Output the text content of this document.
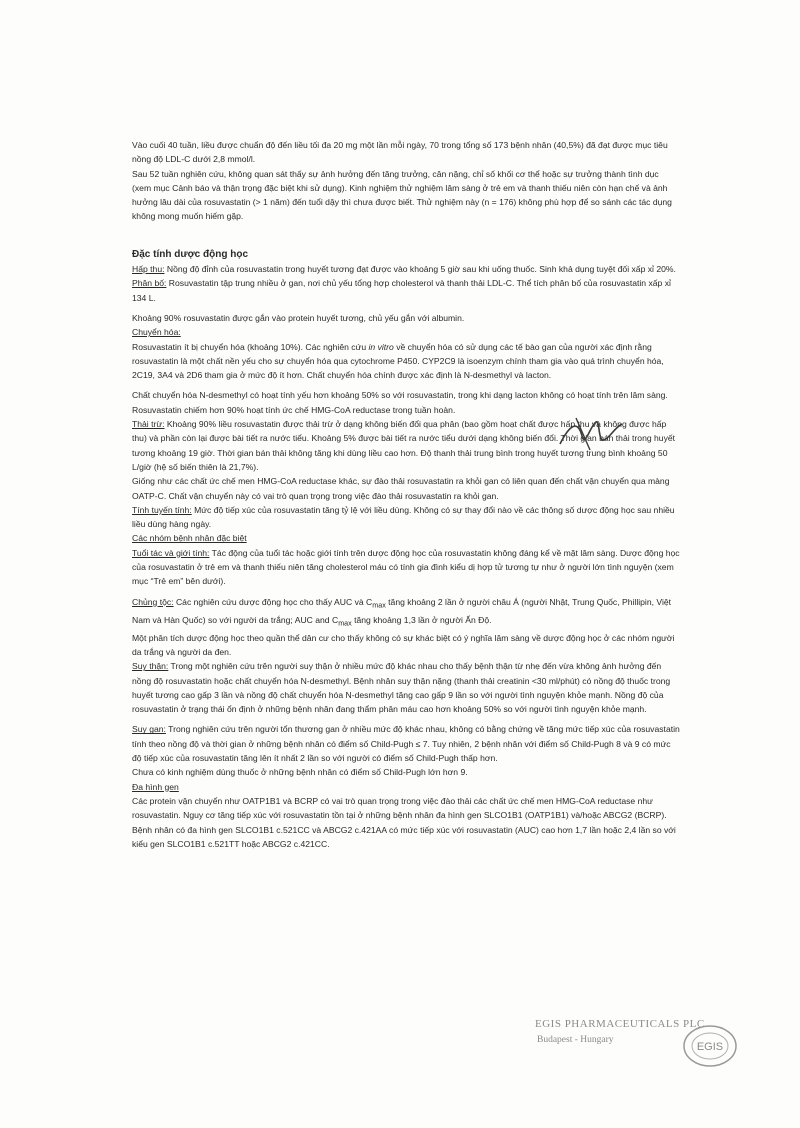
Vào cuối 40 tuần, liều được chuẩn độ đến liều tối đa 20 mg một lần mỗi ngày, 70 trong tổng số 173 bệnh nhân (40,5%) đã đạt được mục tiêu nồng độ LDL-C dưới 2,8 mmol/l.

Sau 52 tuần nghiên cứu, không quan sát thấy sự ảnh hưởng đến tăng trưởng, cân nặng, chỉ số khối cơ thể hoặc sự trưởng thành tình dục (xem mục Cảnh báo và thận trọng đặc biệt khi sử dụng). Kinh nghiệm thử nghiệm lâm sàng ở trẻ em và thanh thiếu niên còn hạn chế và ảnh hưởng lâu dài của rosuvastatin (> 1 năm) đến tuổi dậy thì chưa được biết. Thử nghiệm này (n = 176) không phù hợp để so sánh các tác dụng không mong muốn hiếm gặp.

Đặc tính dược động học

Hấp thu: Nồng độ đỉnh của rosuvastatin trong huyết tương đạt được vào khoảng 5 giờ sau khi uống thuốc. Sinh khả dụng tuyệt đối xấp xỉ 20%.

Phân bố: Rosuvastatin tập trung nhiều ở gan, nơi chủ yếu tổng hợp cholesterol và thanh thải LDL-C. Thể tích phân bố của rosuvastatin xấp xỉ 134 L.

Khoảng 90% rosuvastatin được gắn vào protein huyết tương, chủ yếu gắn với albumin.

Chuyển hóa:

Rosuvastatin ít bị chuyển hóa (khoảng 10%). Các nghiên cứu in vitro về chuyển hóa có sử dụng các tế bào gan của người xác định rằng rosuvastatin là một chất nền yếu cho sự chuyển hóa qua cytochrome P450. CYP2C9 là isoenzym chính tham gia vào quá trình chuyển hóa, 2C19, 3A4 và 2D6 tham gia ở mức độ ít hơn. Chất chuyển hóa chính được xác định là N-desmethyl và lacton.

Chất chuyển hóa N-desmethyl có hoạt tính yếu hơn khoảng 50% so với rosuvastatin, trong khi dạng lacton không có hoạt tính trên lâm sàng. Rosuvastatin chiếm hơn 90% hoạt tính ức chế HMG-CoA reductase trong tuần hoàn.

Thải trừ: Khoảng 90% liều rosuvastatin được thải trừ ở dạng không biến đổi qua phân (bao gồm hoạt chất được hấp thu và không được hấp thu) và phần còn lại được bài tiết ra nước tiểu. Khoảng 5% được bài tiết ra nước tiểu dưới dạng không biến đổi. Thời gian bán thải trong huyết tương khoảng 19 giờ. Thời gian bán thải không tăng khi dùng liều cao hơn. Độ thanh thải trung bình trong huyết tương trung bình khoảng 50 L/giờ (hệ số biến thiên là 21,7%).

Giống như các chất ức chế men HMG-CoA reductase khác, sự đào thải rosuvastatin ra khỏi gan có liên quan đến chất vận chuyển qua màng OATP-C. Chất vận chuyển này có vai trò quan trọng trong việc đào thải rosuvastatin ra khỏi gan.

Tính tuyến tính: Mức độ tiếp xúc của rosuvastatin tăng tỷ lệ với liều dùng. Không có sự thay đổi nào về các thông số dược động học sau nhiều liều dùng hàng ngày.

Các nhóm bệnh nhân đặc biệt

Tuổi tác và giới tính: Tác động của tuổi tác hoặc giới tính trên dược động học của rosuvastatin không đáng kể về mặt lâm sàng. Dược động học của rosuvastatin ở trẻ em và thanh thiếu niên tăng cholesterol máu có tính gia đình kiểu dị hợp tử tương tự như ở người lớn tình nguyện (xem mục “Trẻ em” bên dưới).

Chủng tộc: Các nghiên cứu dược động học cho thấy AUC và $C_{max}$ tăng khoảng 2 lần ở người châu Á (người Nhật, Trung Quốc, Phillipin, Việt Nam và Hàn Quốc) so với người da trắng; AUC and $C_{max}$ tăng khoảng 1,3 lần ở người Ấn Độ.

Một phân tích dược động học theo quần thể dân cư cho thấy không có sự khác biệt có ý nghĩa lâm sàng về dược động học ở các nhóm người da trắng và người da đen.

Suy thận: Trong một nghiên cứu trên người suy thận ở nhiều mức độ khác nhau cho thấy bệnh thận từ nhẹ đến vừa không ảnh hưởng đến nồng độ rosuvastatin hoặc chất chuyển hóa N-desmethyl. Bệnh nhân suy thận nặng (thanh thải creatinin <30 ml/phút) có nồng độ thuốc trong huyết tương cao gấp 3 lần và nồng độ chất chuyển hóa N-desmethyl tăng cao gấp 9 lần so với người tình nguyện khỏe mạnh. Nồng độ của rosuvastatin ở trạng thái ổn định ở những bệnh nhân đang thẩm phân máu cao hơn khoảng 50% so với người tình nguyện khỏe mạnh.

Suy gan: Trong nghiên cứu trên người tổn thương gan ở nhiều mức độ khác nhau, không có bằng chứng về tăng mức tiếp xúc của rosuvastatin tính theo nồng độ và thời gian ở những bệnh nhân có điểm số Child-Pugh ≤ 7. Tuy nhiên, 2 bệnh nhân với điểm số Child-Pugh 8 và 9 có mức độ tiếp xúc của rosuvastatin tăng lên ít nhất 2 lần so với người có điểm số Child-Pugh thấp hơn.

Chưa có kinh nghiệm dùng thuốc ở những bệnh nhân có điểm số Child-Pugh lớn hơn 9.

Đa hình gen

Các protein vận chuyển như OATP1B1 và BCRP có vai trò quan trọng trong việc đào thải các chất ức chế men HMG-CoA reductase như rosuvastatin. Nguy cơ tăng tiếp xúc với rosuvastatin tồn tại ở những bệnh nhân đa hình gen SLCO1B1 (OATP1B1) và/hoặc ABCG2 (BCRP). Bệnh nhân có đa hình gen SLCO1B1 c.521CC và ABCG2 c.421AA có mức tiếp xúc với rosuvastatin (AUC) cao hơn 1,7 lần hoặc 2,4 lần so với kiểu gen SLCO1B1 c.521TT hoặc ABCG2 c.421CC.

EGIS PHARMACEUTICALS PLC
Budapest - Hungary
EGIS
